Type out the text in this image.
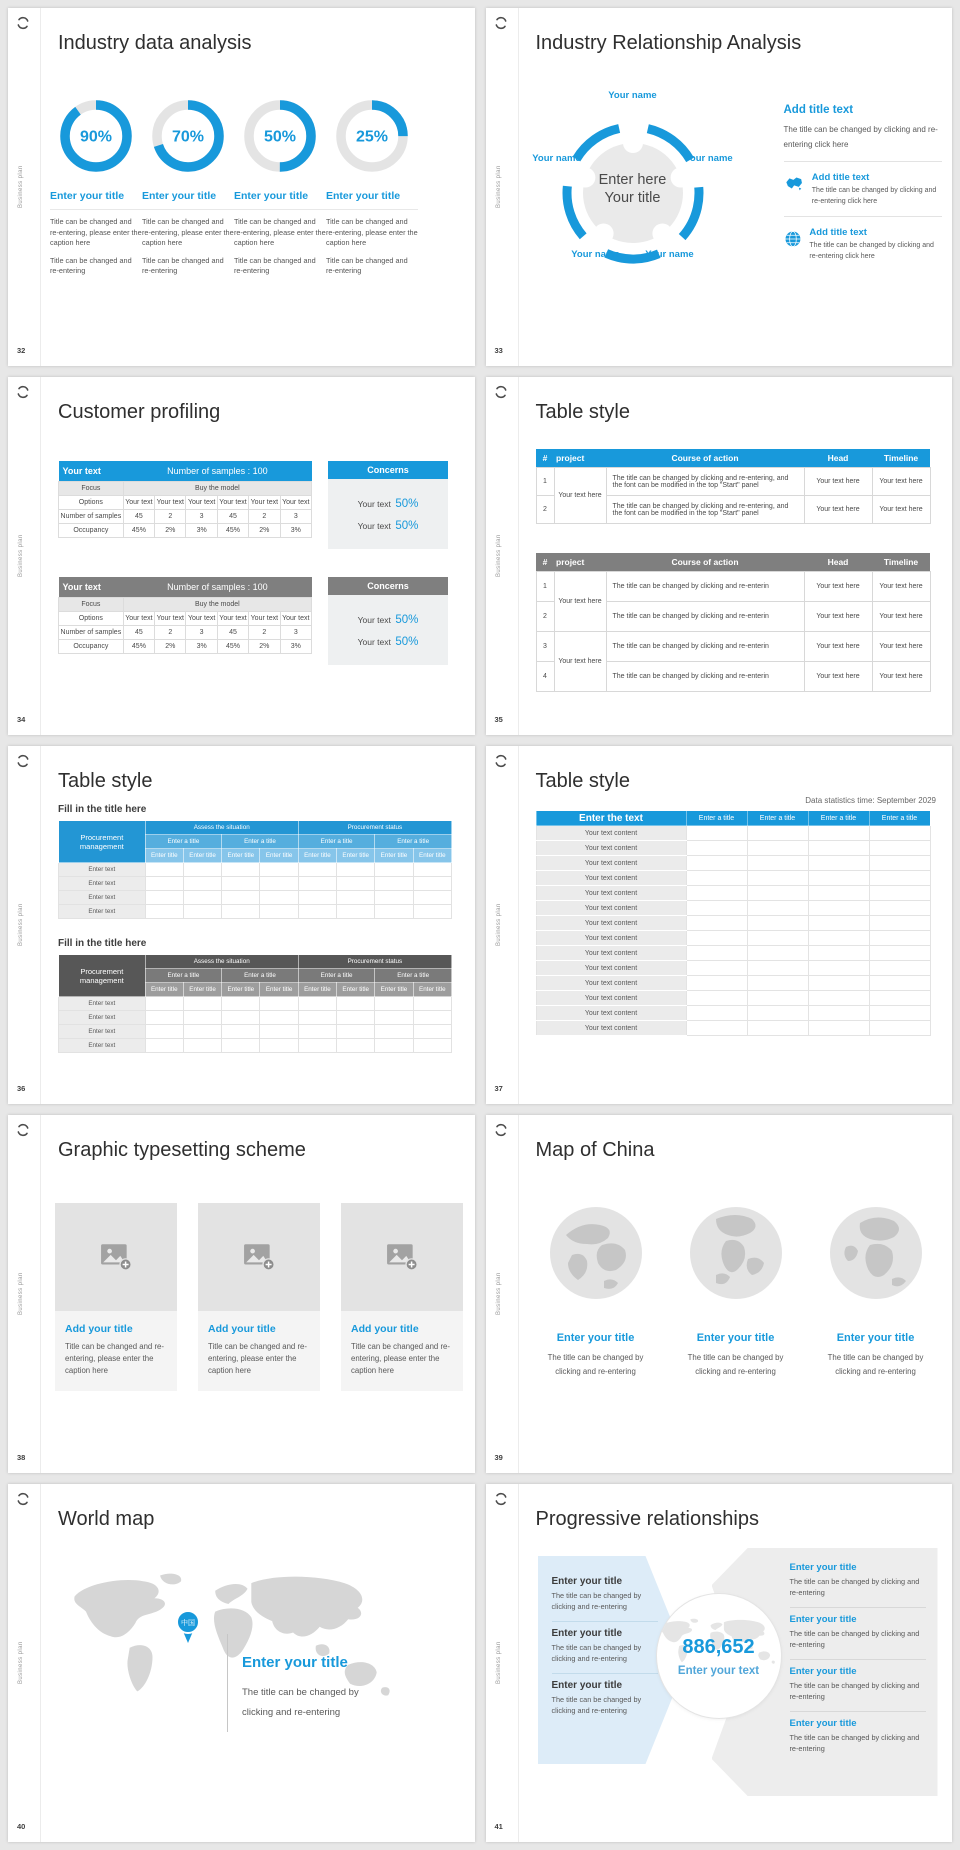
Business plan
32
Industry data analysis
90%
Enter your title

Title can be changed and re-entering, please enter the caption here

Title can be changed and re-entering

70%
Enter your title

Title can be changed and re-entering, please enter the caption here

Title can be changed and re-entering

50%
Enter your title

Title can be changed and re-entering, please enter the caption here

Title can be changed and re-entering

25%
Enter your title

Title can be changed and re-entering, please enter the caption here

Title can be changed and re-entering

Business plan
33
Industry Relationship Analysis
Your name
Your name	Your name
Your name	Your name
Enter here
Your title
Add title text
The title can be changed by clicking and re-entering click here
Add title text
The title can be changed by clicking and re-entering click here
Add title text
The title can be changed by clicking and re-entering click here
Business plan
34
Customer profiling
Your text	Number of samples : 100					
Focus	Buy the model					
Options	Your text	Your text	Your text	Your text	Your text	Your text
Number of samples	45	2	3	45	2	3
Occupancy	45%	2%	3%	45%	2%	3%
Concerns
Your text 50%
Your text 50%
Your text	Number of samples : 100					
Focus	Buy the model					
Options	Your text	Your text	Your text	Your text	Your text	Your text
Number of samples	45	2	3	45	2	3
Occupancy	45%	2%	3%	45%	2%	3%
Concerns
Your text 50%
Your text 50%
Business plan
35
Table style
#	project	Course of action	Head	Timeline
1	Your text here	The title can be changed by clicking and re-entering, and the font can be modified in the top "Start" panel	Your text here	Your text here
2		The title can be changed by clicking and re-entering, and the font can be modified in the top "Start" panel	Your text here	Your text here
#	project	Course of action	Head	Timeline
1	Your text here	The title can be changed by clicking and re-enterin	Your text here	Your text here
2		The title can be changed by clicking and re-enterin	Your text here	Your text here
3	Your text here	The title can be changed by clicking and re-enterin	Your text here	Your text here
4		The title can be changed by clicking and re-enterin	Your text here	Your text here
Business plan
36
Table style
Fill in the title here
Procurement management	Assess the situation				Procurement status			
	Enter a title		Enter a title		Enter a title		Enter a title	
	Enter title	Enter title	Enter title	Enter title	Enter title	Enter title	Enter title	Enter title
Enter text								
Enter text								
Enter text								
Enter text								
Fill in the title here
Procurement management	Assess the situation				Procurement status			
	Enter a title		Enter a title		Enter a title		Enter a title	
	Enter title	Enter title	Enter title	Enter title	Enter title	Enter title	Enter title	Enter title
Enter text								
Enter text								
Enter text								
Enter text								
Business plan
37
Table style
Data statistics time: September 2029
Enter the text	Enter a title	Enter a title	Enter a title	Enter a title
Your text content				
Your text content				
Your text content				
Your text content				
Your text content				
Your text content				
Your text content				
Your text content				
Your text content				
Your text content				
Your text content				
Your text content				
Your text content				
Your text content				
Business plan
38
Graphic typesetting scheme
Add your title

Title can be changed and re-entering, please enter the caption here

Add your title

Title can be changed and re-entering, please enter the caption here

Add your title

Title can be changed and re-entering, please enter the caption here

Business plan
39
Map of China
Enter your title

The title can be changed by clicking and re-entering

Enter your title

The title can be changed by clicking and re-entering

Enter your title

The title can be changed by clicking and re-entering

Business plan
40
World map
中国
Enter your title

The title can be changed by
clicking and re-entering

Business plan
41
Progressive relationships
Enter your title

The title can be changed by clicking and re-entering

Enter your title

The title can be changed by clicking and re-entering

Enter your title

The title can be changed by clicking and re-entering

886,652
Enter your text
Enter your title

The title can be changed by clicking and re-entering

Enter your title

The title can be changed by clicking and re-entering

Enter your title

The title can be changed by clicking and re-entering

Enter your title

The title can be changed by clicking and re-entering
